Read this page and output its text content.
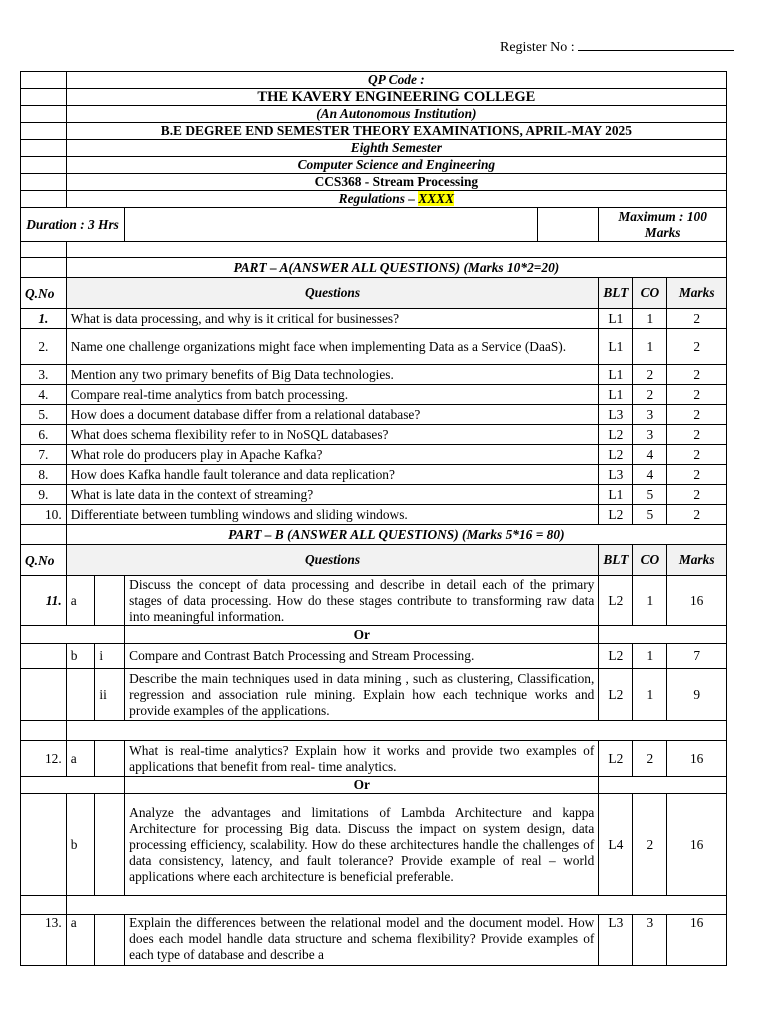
Register No :
	QP Code :						
	THE KAVERY ENGINEERING COLLEGE						
	(An Autonomous Institution)						
	B.E DEGREE END SEMESTER THEORY EXAMINATIONS, APRIL-MAY 2025						
	Eighth Semester						
	Computer Science and Engineering						
	CCS368 - Stream Processing						
	Regulations – XXXX						
Duration : 3 Hrs					Maximum : 100 Marks		

	PART – A(ANSWER ALL QUESTIONS) (Marks 10*2=20)						
Q.No	Questions				BLT	CO	Marks
1.	What is data processing, and why is it critical for businesses?				L1	1	2
2.	Name one challenge organizations might face when implementing Data as a Service (DaaS).				L1	1	2
3.	Mention any two primary benefits of Big Data technologies.				L1	2	2
4.	Compare real-time analytics from batch processing.				L1	2	2
5.	How does a document database differ from a relational database?				L3	3	2
6.	What does schema flexibility refer to in NoSQL databases?				L2	3	2
7.	What role do producers play in Apache Kafka?				L2	4	2
8.	How does Kafka handle fault tolerance and data replication?				L3	4	2
9.	What is late data in the context of streaming?				L1	5	2
10.	Differentiate between tumbling windows and sliding windows.				L2	5	2
	PART – B (ANSWER ALL QUESTIONS) (Marks 5*16 = 80)						
Q.No	Questions				BLT	CO	Marks
11.	a		Discuss the concept of data processing and describe in detail each of the primary stages of data processing. How do these stages contribute to transforming raw data into meaningful information.		L2	1	16
			Or				
	b	i	Compare and Contrast Batch Processing and Stream Processing.		L2	1	7
		ii	Describe the main techniques used in data mining , such as clustering, Classification, regression and association rule mining. Explain how each technique works and provide examples of the applications.		L2	1	9

12.	a		What is real-time analytics? Explain how it works and provide two examples of applications that benefit from real- time analytics.		L2	2	16
			Or				
	b		Analyze the advantages and limitations of Lambda Architecture and kappa Architecture for processing Big data. Discuss the impact on system design, data processing efficiency, scalability. How do these architectures handle the challenges of data consistency, latency, and fault tolerance? Provide example of real – world applications where each architecture is beneficial preferable.		L4	2	16

13.	a		Explain the differences between the relational model and the document model. How does each model handle data structure and schema flexibility? Provide examples of each type of database and describe a		L3	3	16
